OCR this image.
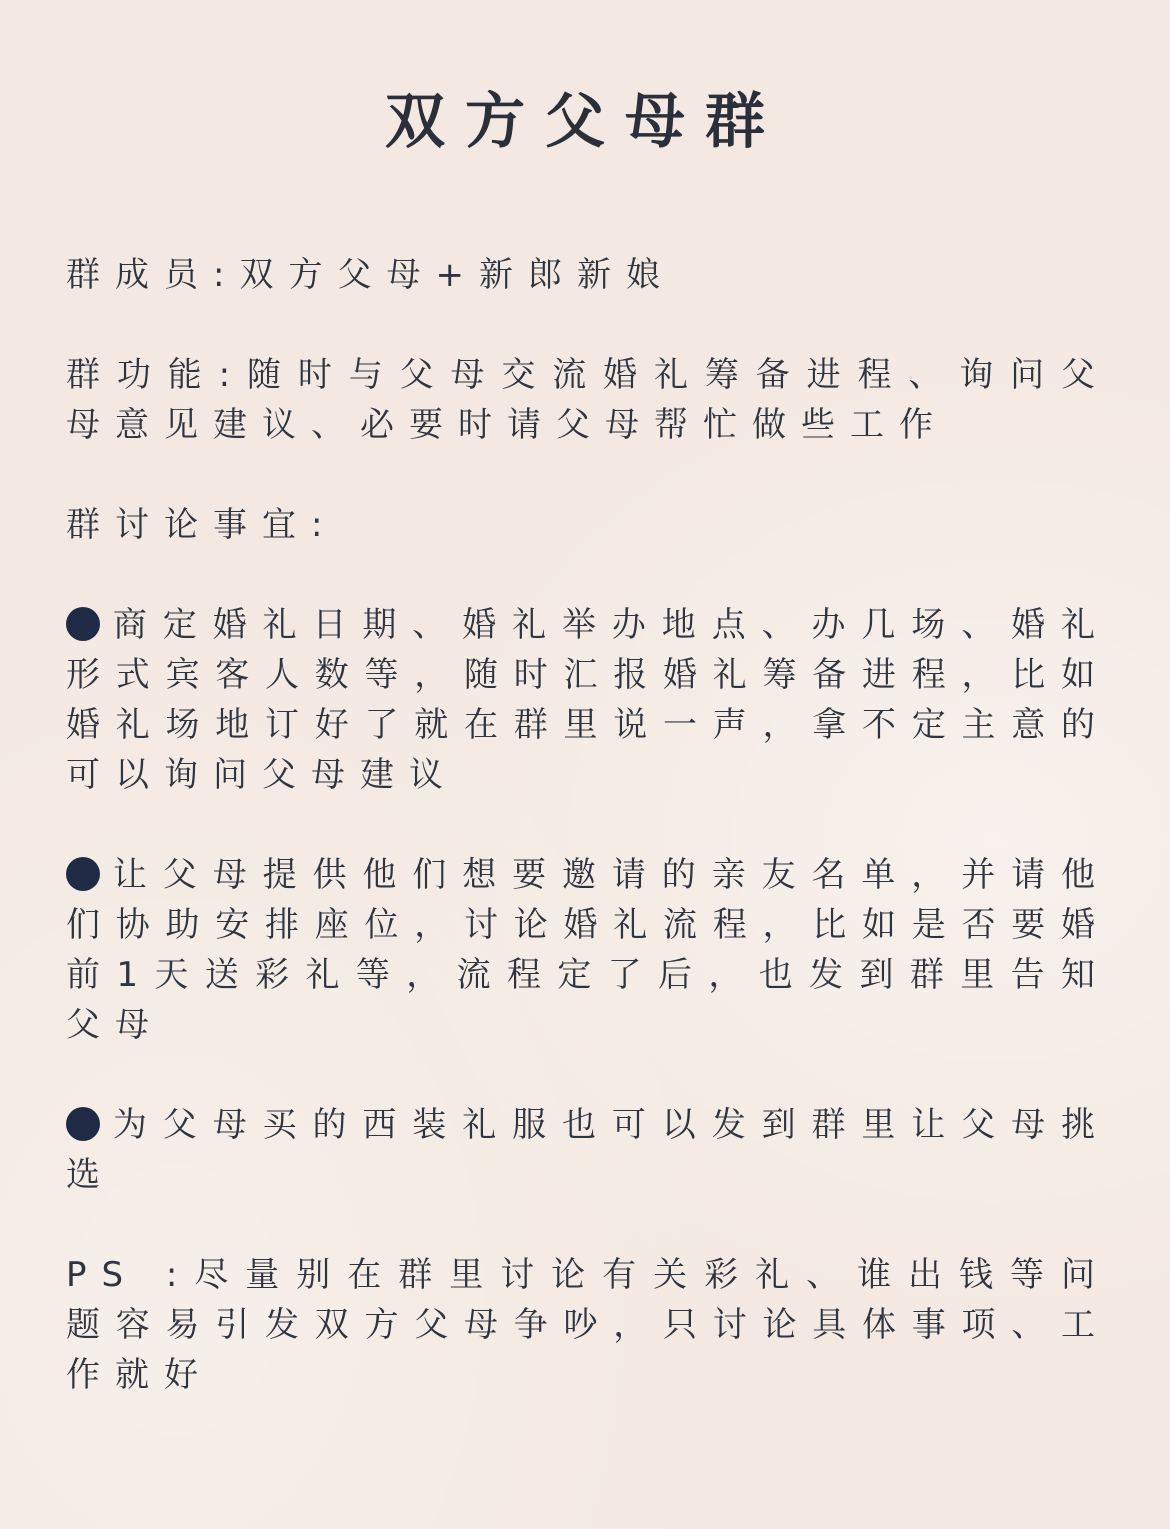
双方父母群

群成员:双方父母+新郎新娘

群功能:随时与父母交流婚礼筹备进程、询问父母意见建议、必要时请父母帮忙做些工作

群讨论事宜:

商定婚礼日期、婚礼举办地点、办几场、婚礼形式宾客人数等，随时汇报婚礼筹备进程，比如婚礼场地订好了就在群里说一声，拿不定主意的可以询问父母建议

让父母提供他们想要邀请的亲友名单，并请他们协助安排座位，讨论婚礼流程，比如是否要婚前1天送彩礼等，流程定了后，也发到群里告知父母

为父母买的西装礼服也可以发到群里让父母挑选

PS :尽量别在群里讨论有关彩礼、谁出钱等问题容易引发双方父母争吵，只讨论具体事项、工作就好
